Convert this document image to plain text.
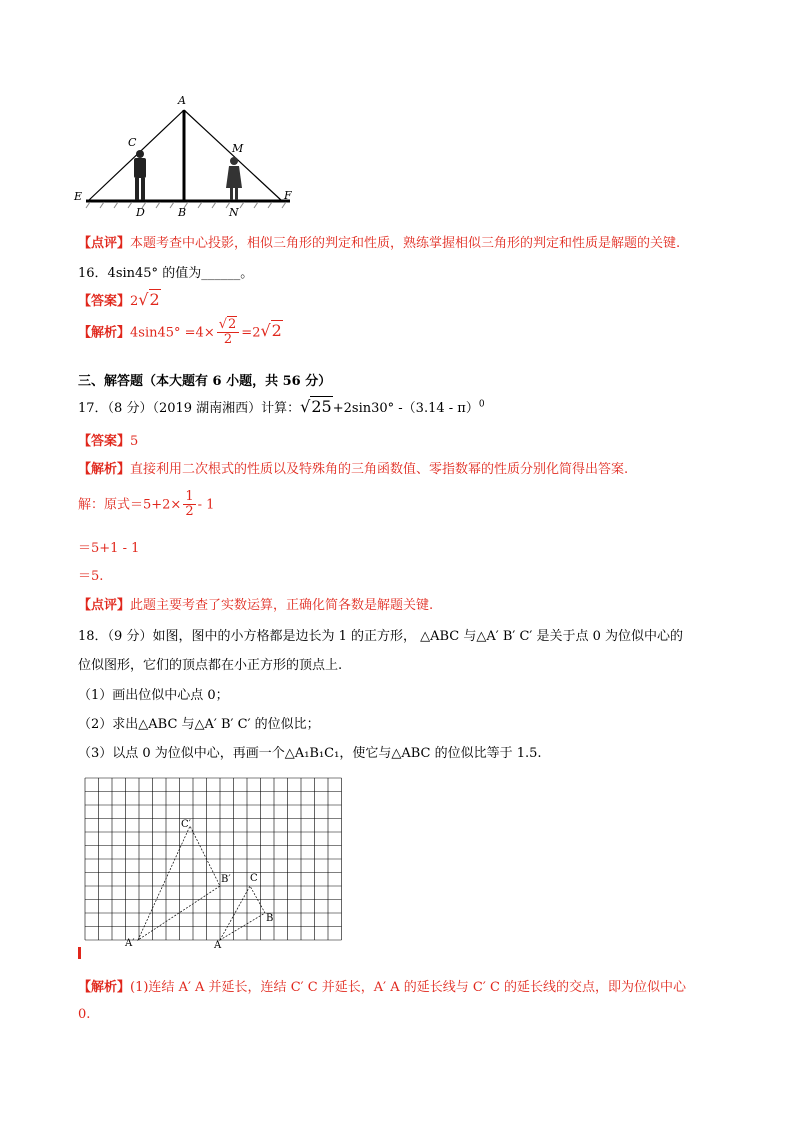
A
C	M
E
D	B	N
F
【点评】本题考查中心投影，相似三角形的判定和性质，熟练掌握相似三角形的判定和性质是解题的关键.
16．4sin45° 的值为______。
【答案】2√2
【解析】$4\sin 45^\circ =4\times \frac{√2}{2} =2√2$
三、解答题（本大题有 6 小题，共 56 分）
17．（8 分）（2019 湖南湘西）计算：√25+2sin30° -（3.14 - π）$^0$
【答案】5
【解析】直接利用二次根式的性质以及特殊角的三角函数值、零指数幂的性质分别化简得出答案.
解：原式$=5+2\times \frac{1}{2} - 1$
＝5+1 - 1
＝5.
【点评】此题主要考查了实数运算，正确化简各数是解题关键.
18．（9 分）如图，图中的小方格都是边长为 1 的正方形， △ABC 与△A′ B′ C′ 是关于点 0 为位似中心的
位似图形，它们的顶点都在小正方形的顶点上.
（1）画出位似中心点 0；
（2）求出△ABC 与△A′ B′ C′ 的位似比；
（3）以点 0 为位似中心，再画一个△A₁B₁C₁，使它与△ABC 的位似比等于 1.5.
C′
B′
A′
C
B
A
【解析】(1)连结 A′ A 并延长，连结 C′ C 并延长，A′ A 的延长线与 C′ C 的延长线的交点，即为位似中心
0.
